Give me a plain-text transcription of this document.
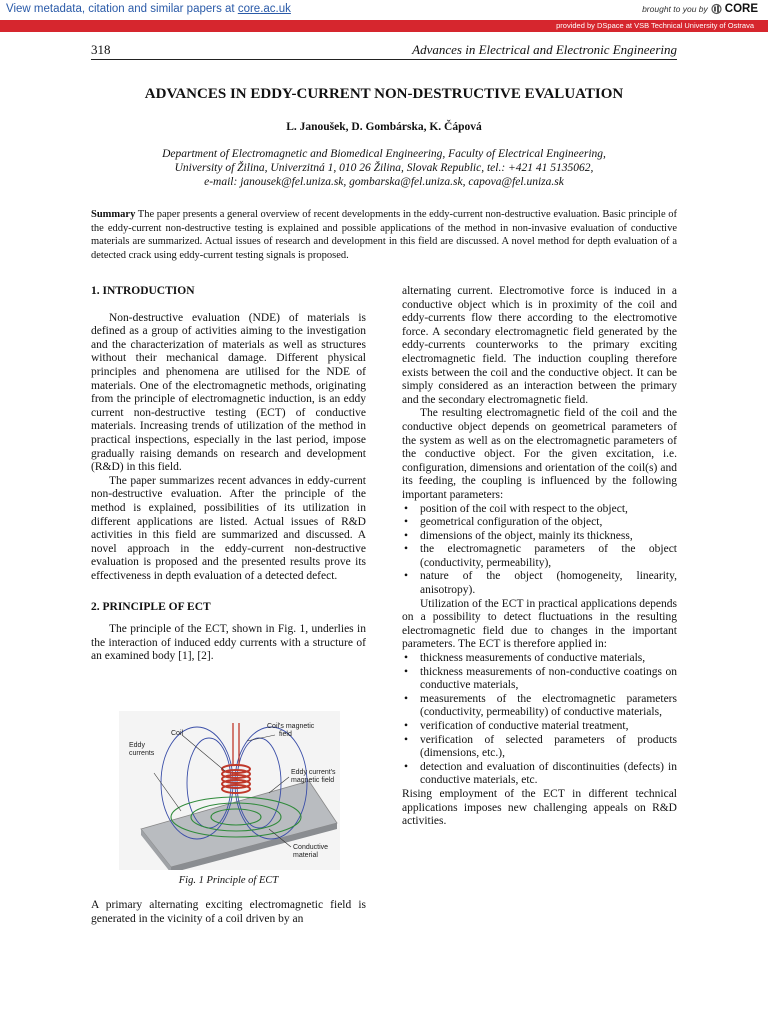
View metadata, citation and similar papers at core.ac.uk	brought to you by CORE
provided by DSpace at VSB Technical University of Ostrava
318	Advances in Electrical and Electronic Engineering
ADVANCES IN EDDY-CURRENT NON-DESTRUCTIVE EVALUATION
L. Janoušek, D. Gombárska, K. Čápová
Department of Electromagnetic and Biomedical Engineering, Faculty of Electrical Engineering,
University of Žilina, Univerzitná 1, 010 26 Žilina, Slovak Republic, tel.: +421 41 5135062,
e-mail: janousek@fel.uniza.sk, gombarska@fel.uniza.sk, capova@fel.uniza.sk
Summary The paper presents a general overview of recent developments in the eddy-current non-destructive evaluation. Basic principle of the eddy-current non-destructive testing is explained and possible applications of the method in non-invasive evaluation of conductive materials are summarized. Actual issues of research and development in this field are discussed. A novel method for depth evaluation of a detected crack using eddy-current testing signals is proposed.

1. INTRODUCTION

Non-destructive evaluation (NDE) of materials is defined as a group of activities aiming to the investigation and the characterization of materials as well as structures without their mechanical damage. Different physical principles and phenomena are utilised for the NDE of materials. One of the electromagnetic methods, originating from the principle of electromagnetic induction, is an eddy current non-destructive testing (ECT) of conductive materials. Increasing trends of utilization of the method in practical inspections, especially in the last period, impose gradually raising demands on research and development (R&D) in this field.

The paper summarizes recent advances in eddy-current non-destructive evaluation. After the principle of the method is explained, possibilities of its utilization in different applications are listed. Actual issues of R&D activities in this field are summarized and discussed. A novel approach in the eddy-current non-destructive evaluation is proposed and the presented results prove its effectiveness in depth evaluation of a detected defect.

2. PRINCIPLE OF ECT

The principle of the ECT, shown in Fig. 1, underlies in the interaction of induced eddy currents with a structure of an examined body [1], [2].

Coil
Eddy
currents
Coil's magnetic
field
Eddy current's
magnetic field
Conductive
material
Fig. 1 Principle of ECT

A primary alternating exciting electromagnetic field is generated in the vicinity of a coil driven by an

alternating current. Electromotive force is induced in a conductive object which is in proximity of the coil and eddy-currents flow there according to the electromotive force. A secondary electromagnetic field generated by the eddy-currents counterworks to the primary exciting electromagnetic field. The induction coupling therefore exists between the coil and the conductive object. It can be simply considered as an interaction between the primary and the secondary electromagnetic field.

The resulting electromagnetic field of the coil and the conductive object depends on geometrical parameters of the system as well as on the electromagnetic parameters of the conductive object. For the given excitation, i.e. configuration, dimensions and orientation of the coil(s) and its feeding, the coupling is influenced by the following important parameters:

• position of the coil with respect to the object,
• geometrical configuration of the object,
• dimensions of the object, mainly its thickness,
• the electromagnetic parameters of the object (conductivity, permeability),
• nature of the object (homogeneity, linearity, anisotropy).

Utilization of the ECT in practical applications depends on a possibility to detect fluctuations in the resulting electromagnetic field due to changes in the important parameters. The ECT is therefore applied in:

• thickness measurements of conductive materials,
• thickness measurements of non-conductive coatings on conductive materials,
• measurements of the electromagnetic parameters (conductivity, permeability) of conductive materials,
• verification of conductive material treatment,
• verification of selected parameters of products (dimensions, etc.),
• detection and evaluation of discontinuities (defects) in conductive materials, etc.

Rising employment of the ECT in different technical applications imposes new challenging appeals on R&D activities.
